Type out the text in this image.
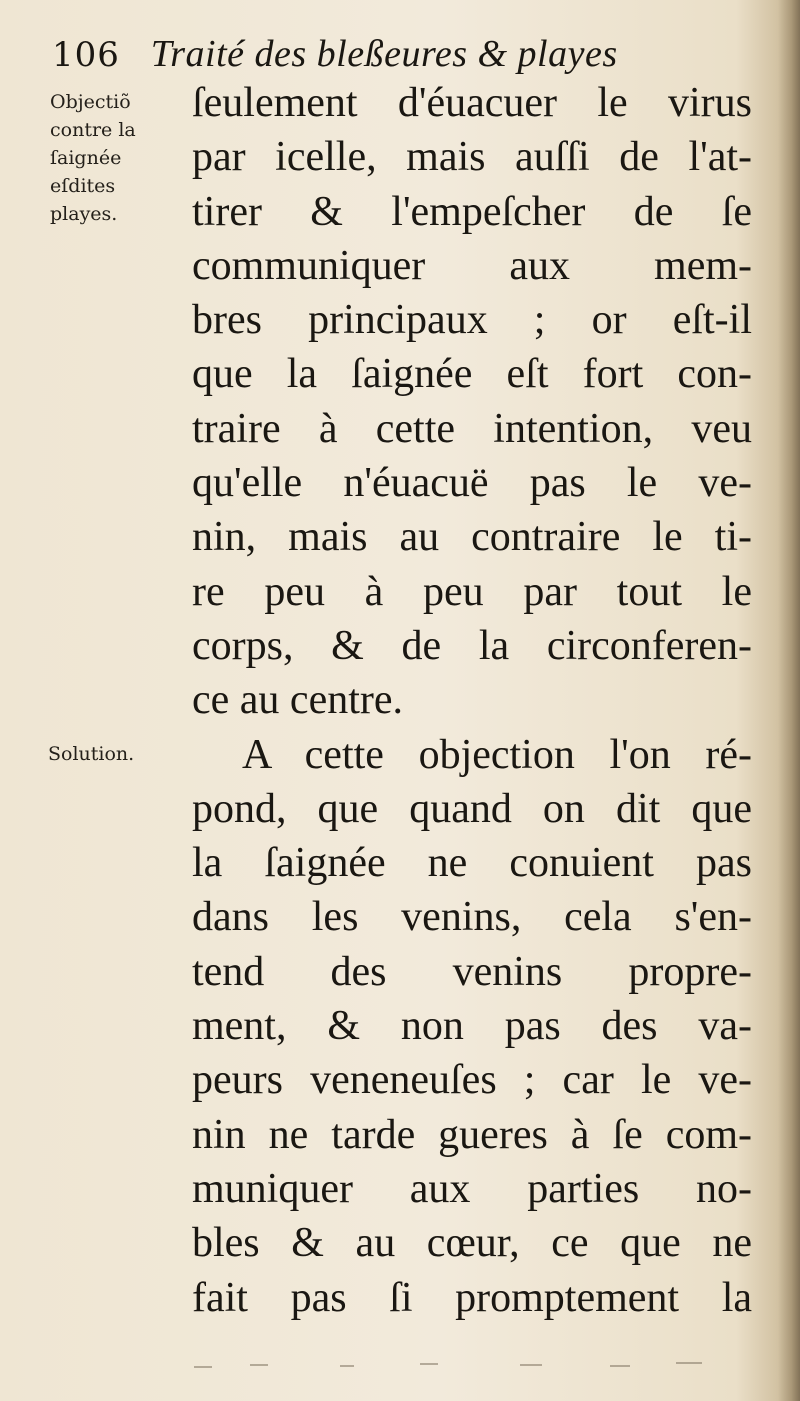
106 Traité des bleßeures & playes
Objectiõ
contre la
ſaignée
eſdites
playes.
Solution.
ſeulement d'éuacuer le virus
par icelle, mais auſſi de l'at-
tirer & l'empeſcher de ſe
communiquer aux mem-
bres principaux ; or eſt-il
que la ſaignée eſt fort con-
traire à cette intention, veu
qu'elle n'éuacuë pas le ve-
nin, mais au contraire le ti-
re peu à peu par tout le
corps, & de la circonferen-
ce au centre.
A cette objection l'on ré-
pond, que quand on dit que
la ſaignée ne conuient pas
dans les venins, cela s'en-
tend des venins propre-
ment, & non pas des va-
peurs veneneuſes ; car le ve-
nin ne tarde gueres à ſe com-
muniquer aux parties no-
bles & au cœur, ce que ne
fait pas ſi promptement la
